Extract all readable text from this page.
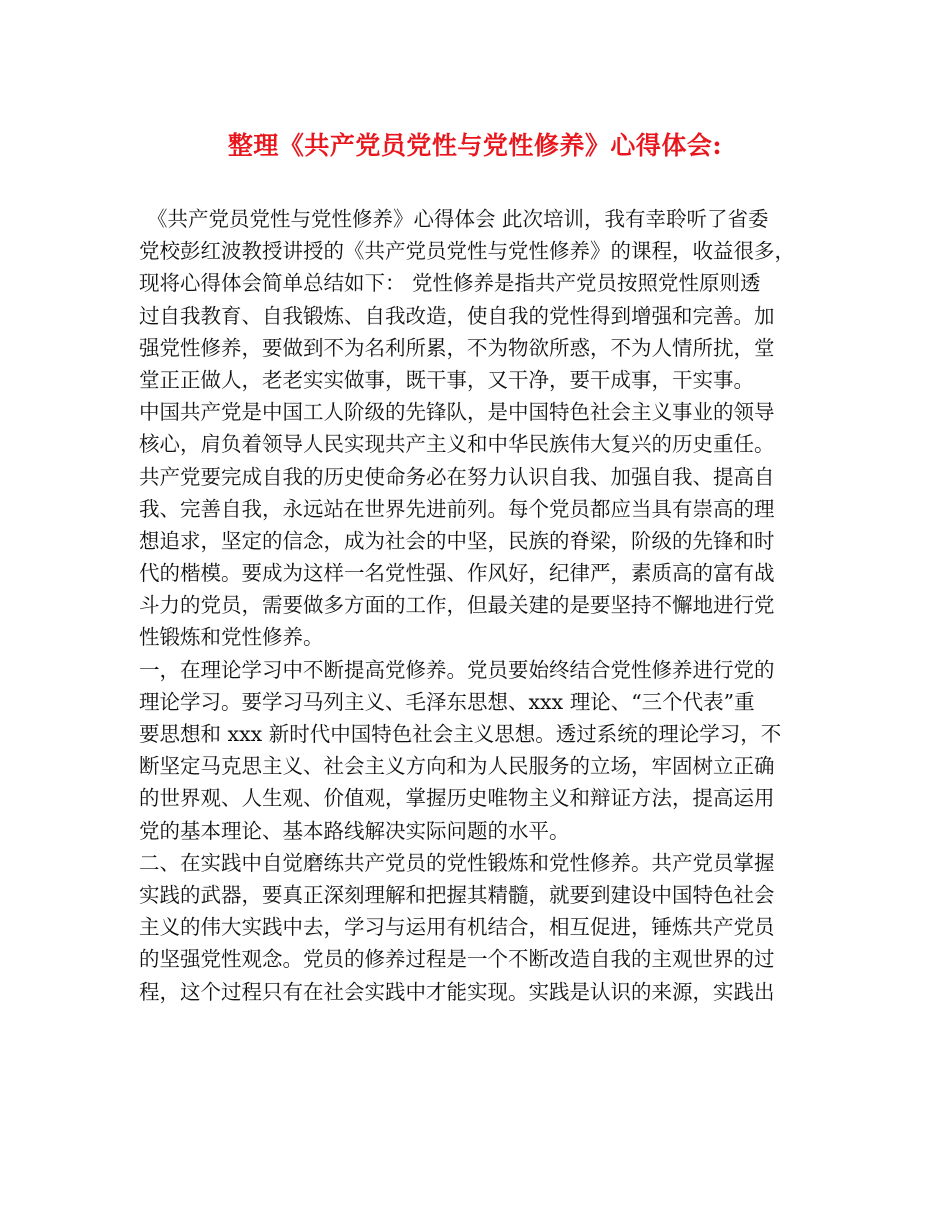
整理《共产党员党性与党性修养》心得体会:
《共产党员党性与党性修养》心得体会 此次培训，我有幸聆听了省委
党校彭红波教授讲授的《共产党员党性与党性修养》的课程，收益很多，
现将心得体会简单总结如下： 党性修养是指共产党员按照党性原则透
过自我教育、自我锻炼、自我改造，使自我的党性得到增强和完善。加
强党性修养，要做到不为名利所累，不为物欲所惑，不为人情所扰，堂
堂正正做人，老老实实做事，既干事，又干净，要干成事，干实事。
中国共产党是中国工人阶级的先锋队，是中国特色社会主义事业的领导
核心，肩负着领导人民实现共产主义和中华民族伟大复兴的历史重任。
共产党要完成自我的历史使命务必在努力认识自我、加强自我、提高自
我、完善自我，永远站在世界先进前列。每个党员都应当具有崇高的理
想追求，坚定的信念，成为社会的中坚，民族的脊梁，阶级的先锋和时
代的楷模。要成为这样一名党性强、作风好，纪律严，素质高的富有战
斗力的党员，需要做多方面的工作，但最关建的是要坚持不懈地进行党
性锻炼和党性修养。
一，在理论学习中不断提高党修养。党员要始终结合党性修养进行党的
理论学习。要学习马列主义、毛泽东思想、xxx 理论、“三个代表”重
要思想和 xxx 新时代中国特色社会主义思想。透过系统的理论学习，不
断坚定马克思主义、社会主义方向和为人民服务的立场，牢固树立正确
的世界观、人生观、价值观，掌握历史唯物主义和辩证方法，提高运用
党的基本理论、基本路线解决实际问题的水平。
二、在实践中自觉磨练共产党员的党性锻炼和党性修养。共产党员掌握
实践的武器，要真正深刻理解和把握其精髓，就要到建设中国特色社会
主义的伟大实践中去，学习与运用有机结合，相互促进，锤炼共产党员
的坚强党性观念。党员的修养过程是一个不断改造自我的主观世界的过
程，这个过程只有在社会实践中才能实现。实践是认识的来源，实践出
